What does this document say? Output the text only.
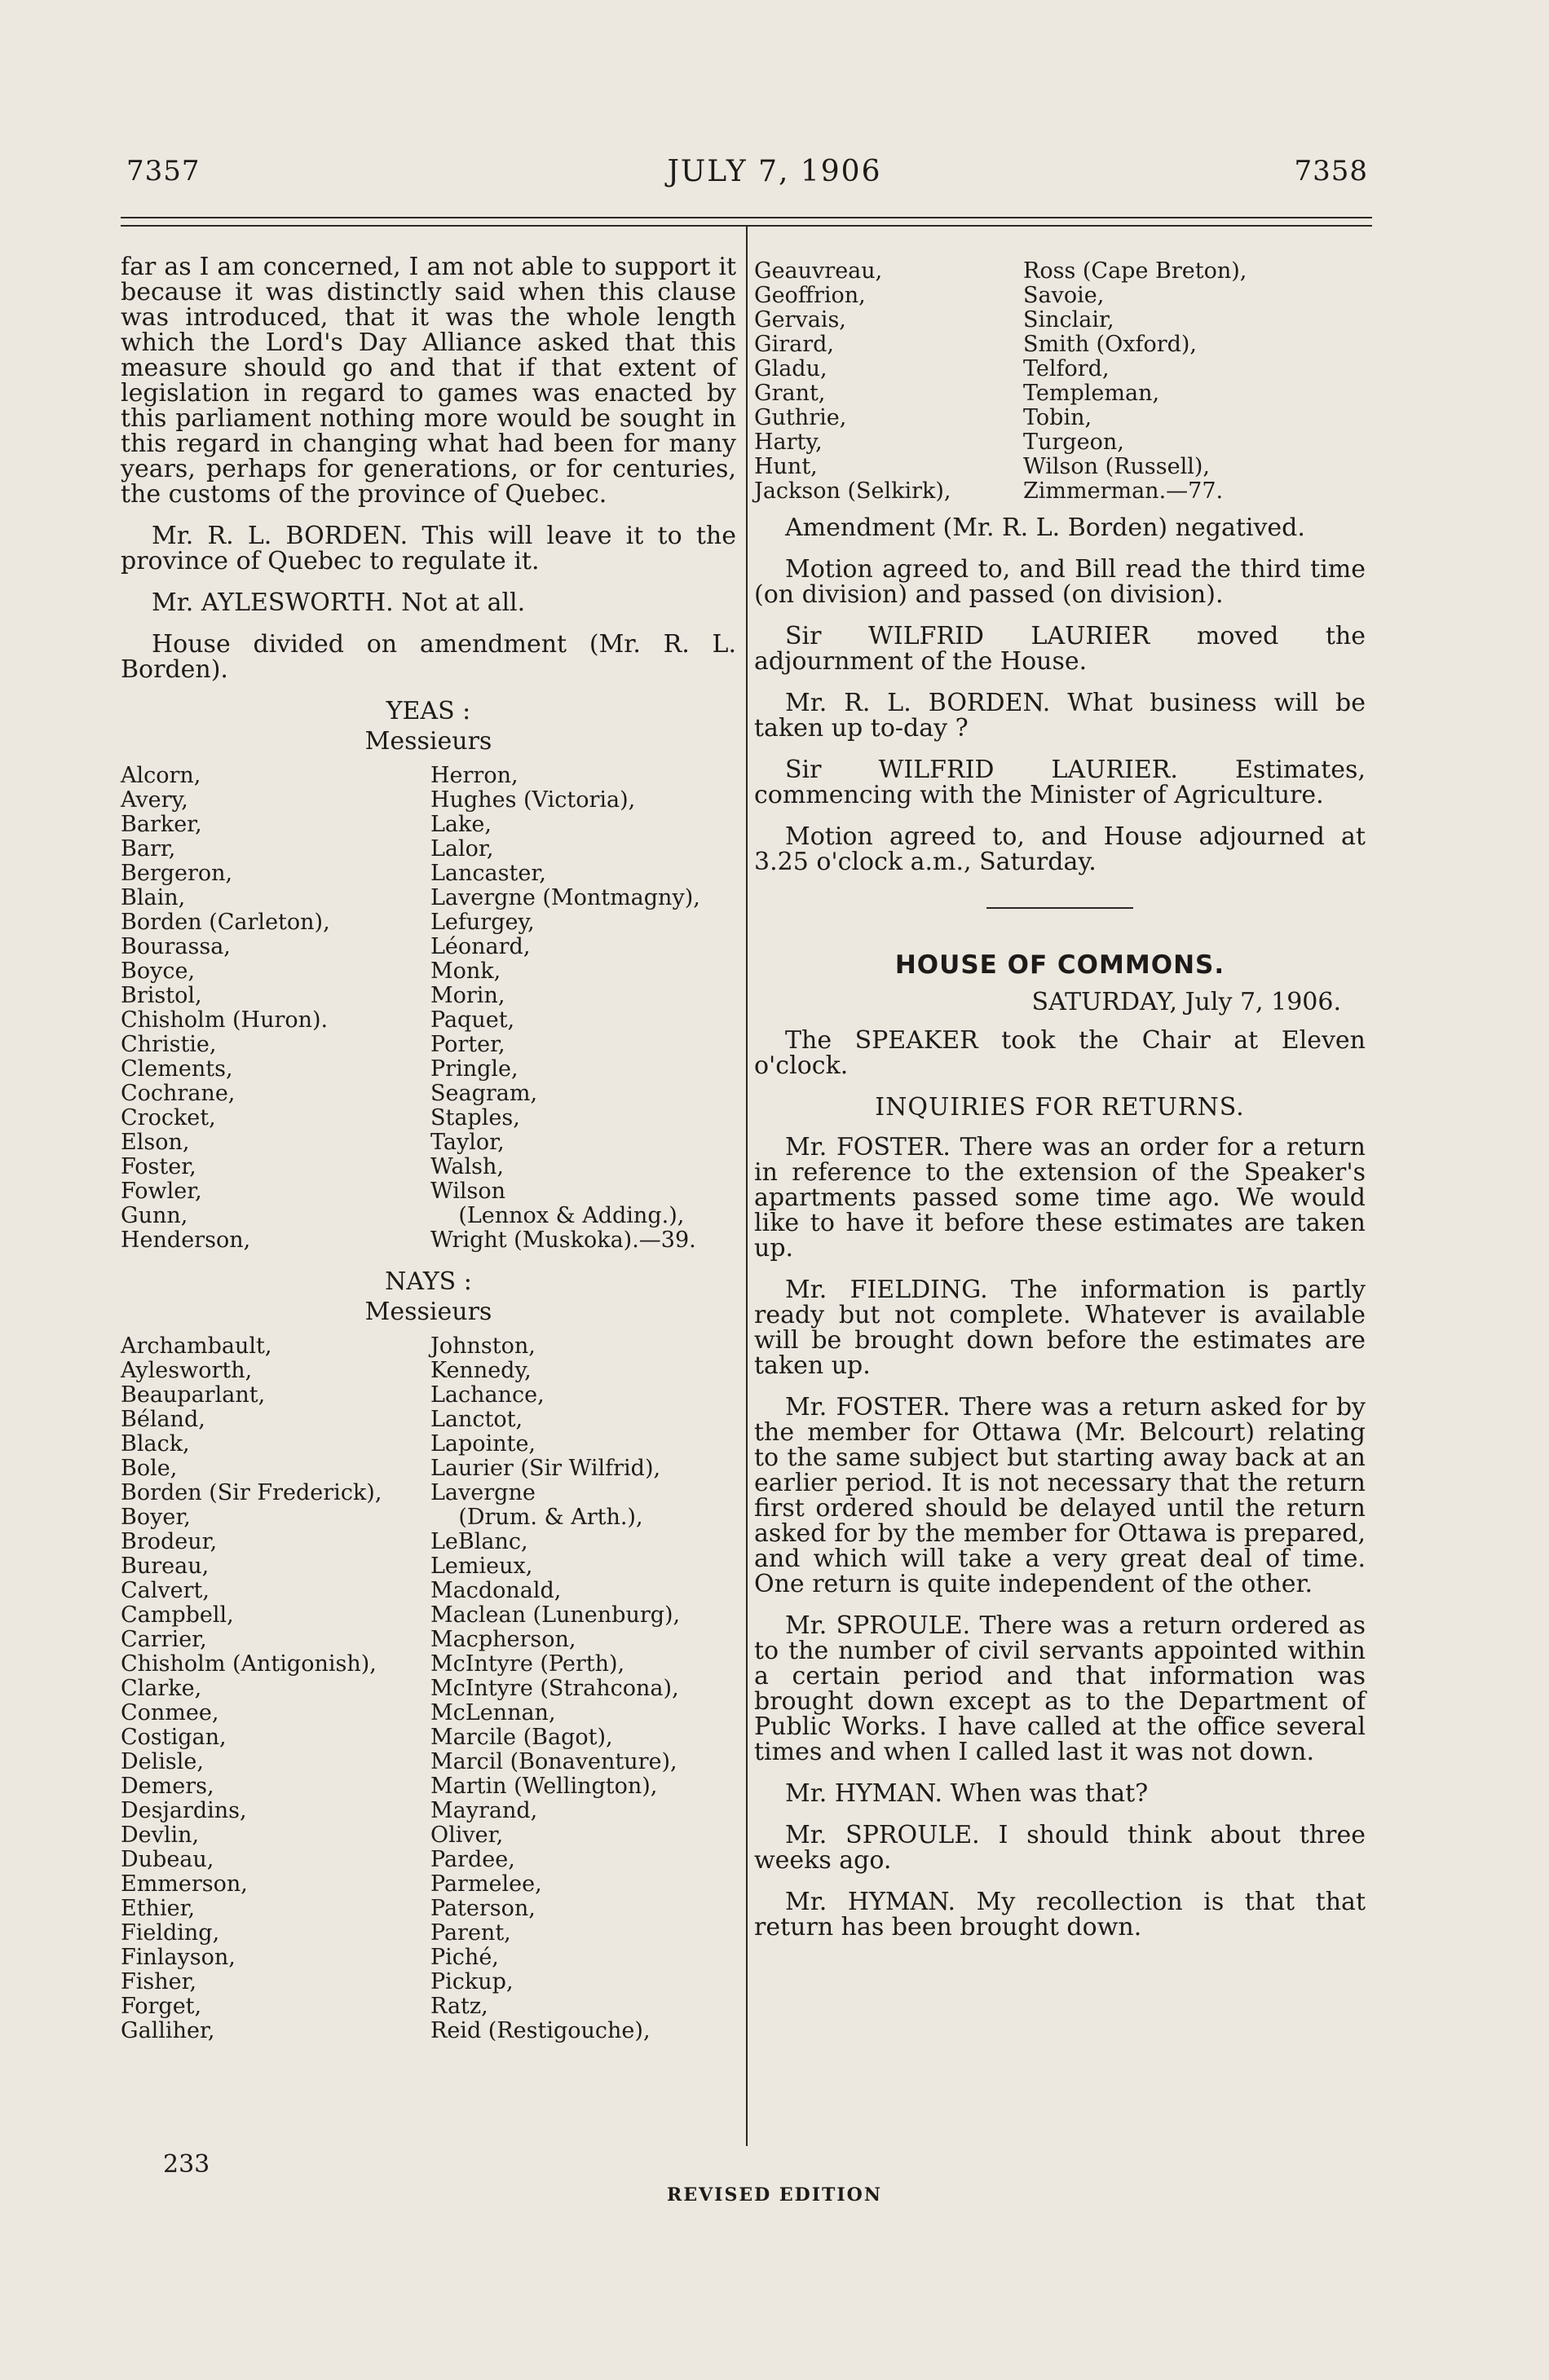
7357	JULY 7, 1906	7358

far as I am concerned, I am not able to support it because it was distinctly said when this clause was introduced, that it was the whole length which the Lord's Day Alliance asked that this measure should go and that if that extent of legislation in regard to games was enacted by this parliament nothing more would be sought in this regard in changing what had been for many years, perhaps for generations, or for centuries, the customs of the province of Quebec.

Mr. R. L. BORDEN. This will leave it to the province of Quebec to regulate it.

Mr. AYLESWORTH. Not at all.

House divided on amendment (Mr. R. L. Borden).

YEAS :
Messieurs
Alcorn,
Avery,
Barker,
Barr,
Bergeron,
Blain,
Borden (Carleton),
Bourassa,
Boyce,
Bristol,
Chisholm (Huron).
Christie,
Clements,
Cochrane,
Crocket,
Elson,
Foster,
Fowler,
Gunn,
Henderson,
Herron,
Hughes (Victoria),
Lake,
Lalor,
Lancaster,
Lavergne (Montmagny),
Lefurgey,
Léonard,
Monk,
Morin,
Paquet,
Porter,
Pringle,
Seagram,
Staples,
Taylor,
Walsh,
Wilson
(Lennox & Adding.),
Wright (Muskoka).—39.
NAYS :
Messieurs
Archambault,
Aylesworth,
Beauparlant,
Béland,
Black,
Bole,
Borden (Sir Frederick),
Boyer,
Brodeur,
Bureau,
Calvert,
Campbell,
Carrier,
Chisholm (Antigonish),
Clarke,
Conmee,
Costigan,
Delisle,
Demers,
Desjardins,
Devlin,
Dubeau,
Emmerson,
Ethier,
Fielding,
Finlayson,
Fisher,
Forget,
Galliher,
Johnston,
Kennedy,
Lachance,
Lanctot,
Lapointe,
Laurier (Sir Wilfrid),
Lavergne
(Drum. & Arth.),
LeBlanc,
Lemieux,
Macdonald,
Maclean (Lunenburg),
Macpherson,
McIntyre (Perth),
McIntyre (Strahcona),
McLennan,
Marcile (Bagot),
Marcil (Bonaventure),
Martin (Wellington),
Mayrand,
Oliver,
Pardee,
Parmelee,
Paterson,
Parent,
Piché,
Pickup,
Ratz,
Reid (Restigouche),
Geauvreau,
Geoffrion,
Gervais,
Girard,
Gladu,
Grant,
Guthrie,
Harty,
Hunt,
Jackson (Selkirk),
Ross (Cape Breton),
Savoie,
Sinclair,
Smith (Oxford),
Telford,
Templeman,
Tobin,
Turgeon,
Wilson (Russell),
Zimmerman.—77.

Amendment (Mr. R. L. Borden) negatived.

Motion agreed to, and Bill read the third time (on division) and passed (on division).

Sir WILFRID LAURIER moved the adjournment of the House.

Mr. R. L. BORDEN. What business will be taken up to-day ?

Sir WILFRID LAURIER. Estimates, commencing with the Minister of Agriculture.

Motion agreed to, and House adjourned at 3.25 o'clock a.m., Saturday.

HOUSE OF COMMONS.
SATURDAY, July 7, 1906.

The SPEAKER took the Chair at Eleven o'clock.

INQUIRIES FOR RETURNS.

Mr. FOSTER. There was an order for a return in reference to the extension of the Speaker's apartments passed some time ago. We would like to have it before these estimates are taken up.

Mr. FIELDING. The information is partly ready but not complete. Whatever is available will be brought down before the estimates are taken up.

Mr. FOSTER. There was a return asked for by the member for Ottawa (Mr. Belcourt) relating to the same subject but starting away back at an earlier period. It is not necessary that the return first ordered should be delayed until the return asked for by the member for Ottawa is prepared, and which will take a very great deal of time. One return is quite independent of the other.

Mr. SPROULE. There was a return ordered as to the number of civil servants appointed within a certain period and that information was brought down except as to the Department of Public Works. I have called at the office several times and when I called last it was not down.

Mr. HYMAN. When was that?

Mr. SPROULE. I should think about three weeks ago.

Mr. HYMAN. My recollection is that that return has been brought down.

233
REVISED EDITION
